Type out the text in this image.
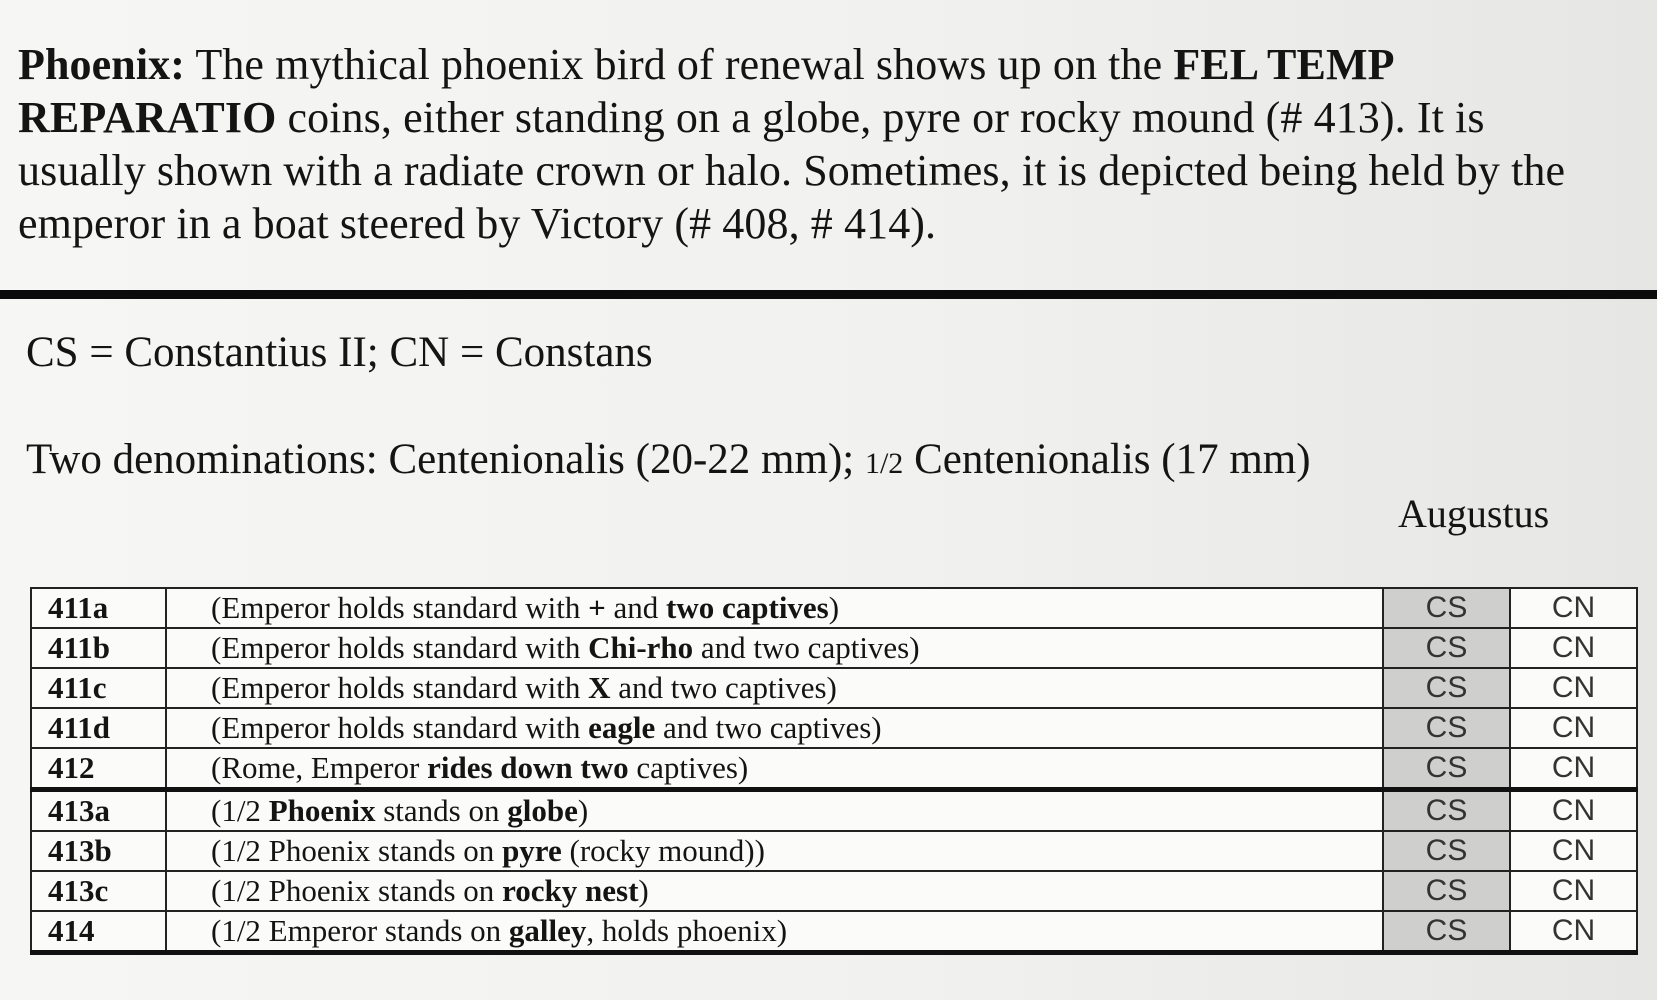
Phoenix: The mythical phoenix bird of renewal shows up on the FEL TEMP REPARATIO coins, either standing on a globe, pyre or rocky mound (# 413). It is usually shown with a radiate crown or halo. Sometimes, it is depicted being held by the emperor in a boat steered by Victory (# 408, # 414).
CS = Constantius II; CN = Constans
Two denominations: Centenionalis (20-22 mm); 1/2 Centenionalis (17 mm)
Augustus
411a	(Emperor holds standard with + and two captives)	CS	CN
411b	(Emperor holds standard with Chi-rho and two captives)	CS	CN
411c	(Emperor holds standard with X and two captives)	CS	CN
411d	(Emperor holds standard with eagle and two captives)	CS	CN
412	(Rome, Emperor rides down two captives)	CS	CN
413a	(1/2 Phoenix stands on globe)	CS	CN
413b	(1/2 Phoenix stands on pyre (rocky mound))	CS	CN
413c	(1/2 Phoenix stands on rocky nest)	CS	CN
414	(1/2 Emperor stands on galley, holds phoenix)	CS	CN
